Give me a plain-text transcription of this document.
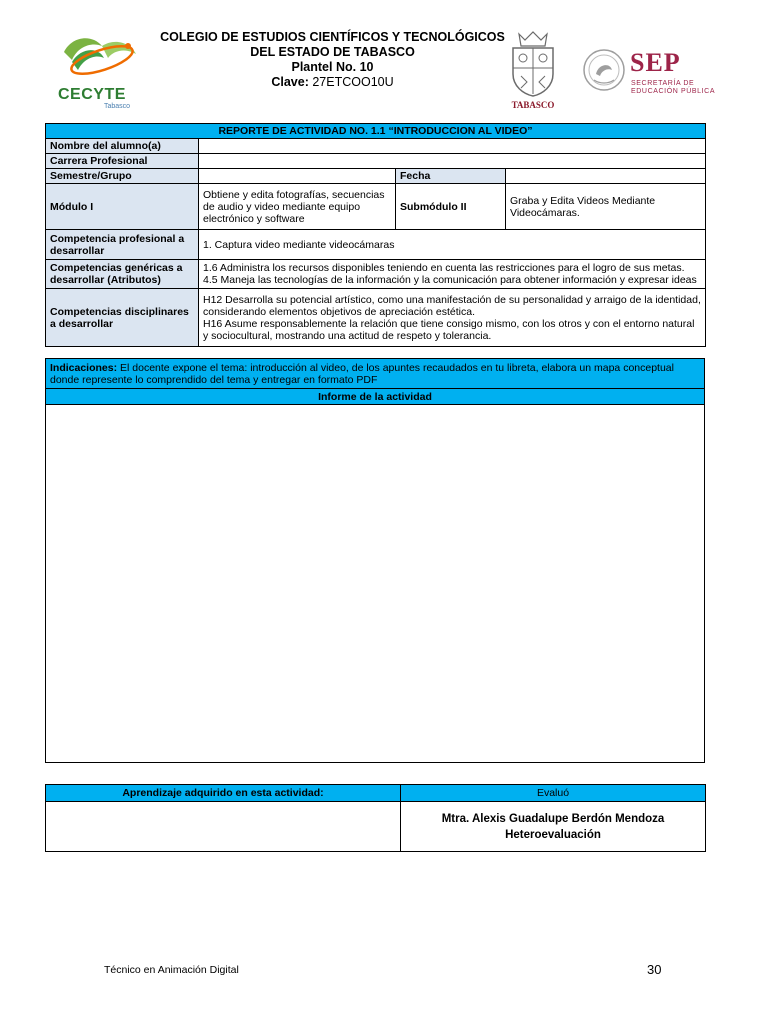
CECYTE
Tabasco
COLEGIO DE ESTUDIOS CIENTÍFICOS Y TECNOLÓGICOS
DEL ESTADO DE TABASCO
Plantel No. 10
Clave: 27ETCOO10U
TABASCO
SEP
SECRETARÍA DE
EDUCACIÓN PÚBLICA
REPORTE DE ACTIVIDAD NO. 1.1 “INTRODUCCION AL VIDEO”			
Nombre del alumno(a)			
Carrera Profesional			
Semestre/Grupo		Fecha	
Módulo I	Obtiene y edita fotografías, secuencias de audio y video mediante equipo electrónico y software	Submódulo II	Graba y Edita Videos Mediante Videocámaras.
Competencia profesional a desarrollar	1. Captura video mediante videocámaras		
Competencias genéricas a desarrollar (Atributos)	1.6 Administra los recursos disponibles teniendo en cuenta las restricciones para el logro de sus metas.
4.5 Maneja las tecnologías de la información y la comunicación para obtener información y expresar ideas		

Competencias disciplinares a desarrollar	H12 Desarrolla su potencial artístico, como una manifestación de su personalidad y arraigo de la identidad, considerando elementos objetivos de apreciación estética.
H16 Asume responsablemente la relación que tiene consigo mismo, con los otros y con el entorno natural y sociocultural, mostrando una actitud de respeto y tolerancia.		
Indicaciones: El docente expone el tema: introducción al video, de los apuntes recaudados en tu libreta, elabora un mapa conceptual donde represente lo comprendido del tema y entregar en formato PDF
Informe de la actividad

Aprendizaje adquirido en esta actividad:	Evaluó

	Mtra. Alexis Guadalupe Berdón Mendoza
Heteroevaluación
Técnico en Animación Digital	30
